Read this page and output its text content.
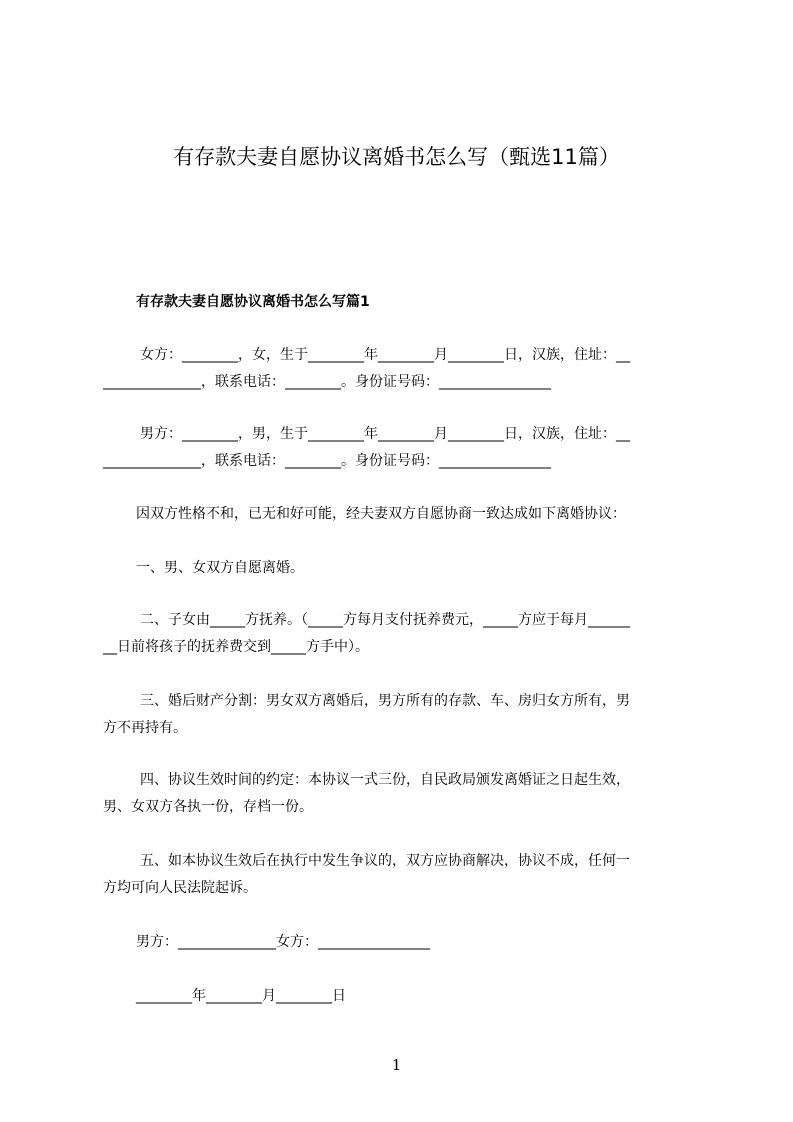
有存款夫妻自愿协议离婚书怎么写（甄选11篇）
有存款夫妻自愿协议离婚书怎么写篇1
女方：________，女，生于________年________月________日，汉族，住址：__
______________，联系电话：________。身份证号码：________________
男方：________，男，生于________年________月________日，汉族，住址：__
______________，联系电话：________。身份证号码：________________
因双方性格不和，已无和好可能，经夫妻双方自愿协商一致达成如下离婚协议：
一、男、女双方自愿离婚。
二、子女由_____方抚养。（_____方每月支付抚养费元，_____方应于每月______
__日前将孩子的抚养费交到_____方手中）。
三、婚后财产分割：男女双方离婚后，男方所有的存款、车、房归女方所有，男
方不再持有。
四、协议生效时间的约定：本协议一式三份，自民政局颁发离婚证之日起生效，
男、女双方各执一份，存档一份。
五、如本协议生效后在执行中发生争议的，双方应协商解决，协议不成，任何一
方均可向人民法院起诉。
男方：______________女方：________________
________年________月________日
1
